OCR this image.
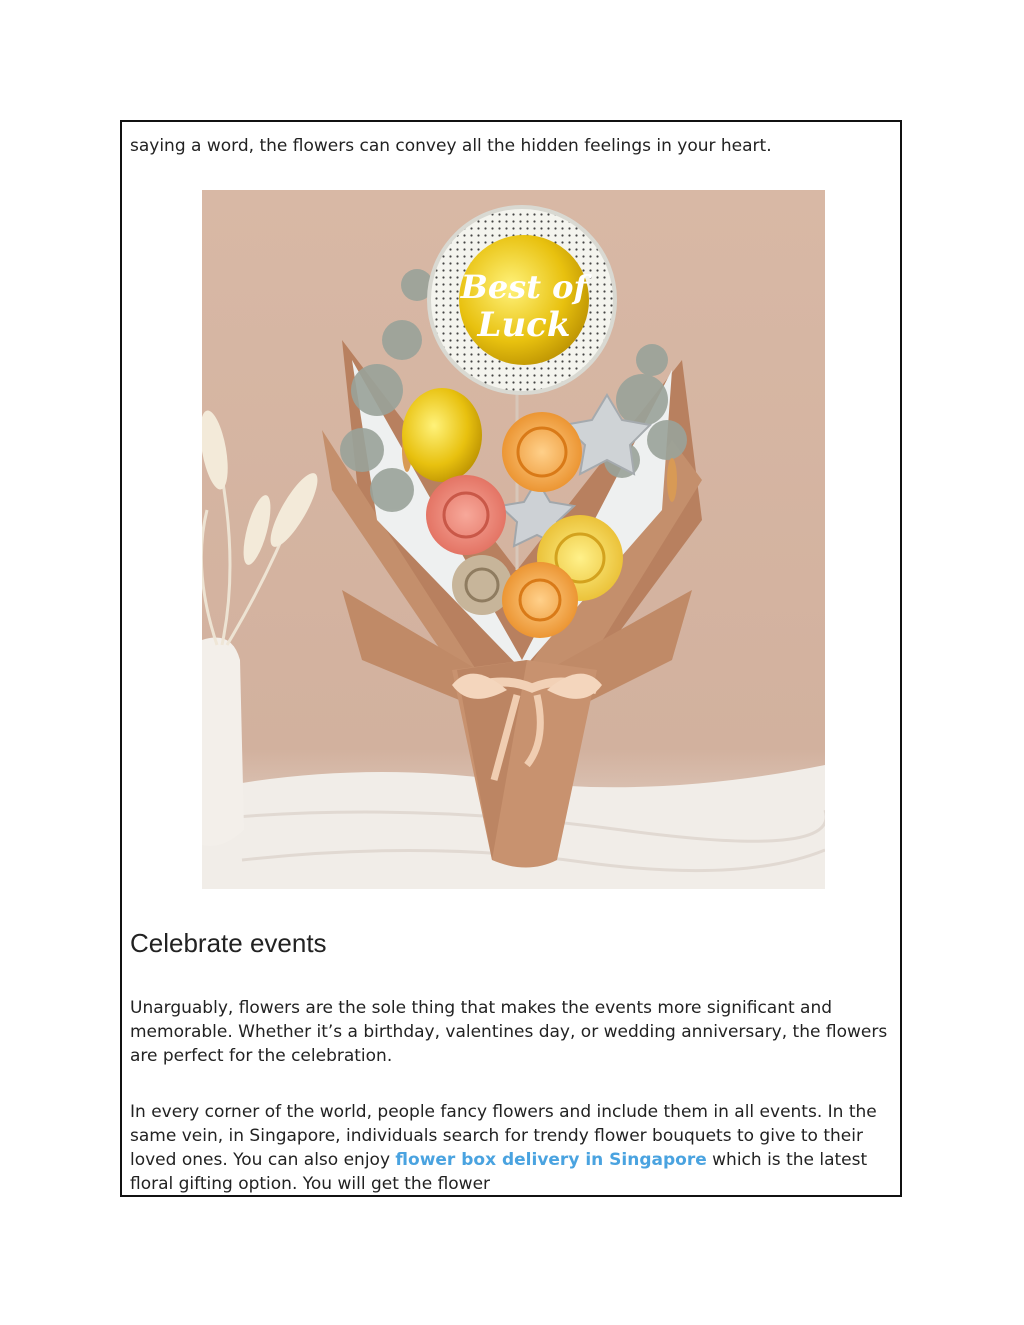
saying a word, the flowers can convey all the hidden feelings in your heart.

Best of
Luck
Celebrate events

Unarguably, flowers are the sole thing that makes the events more significant and memorable. Whether it’s a birthday, valentines day, or wedding anniversary, the flowers are perfect for the celebration.

In every corner of the world, people fancy flowers and include them in all events. In the same vein, in Singapore, individuals search for trendy flower bouquets to give to their loved ones. You can also enjoy flower box delivery in Singapore which is the latest floral gifting option. You will get the flower
